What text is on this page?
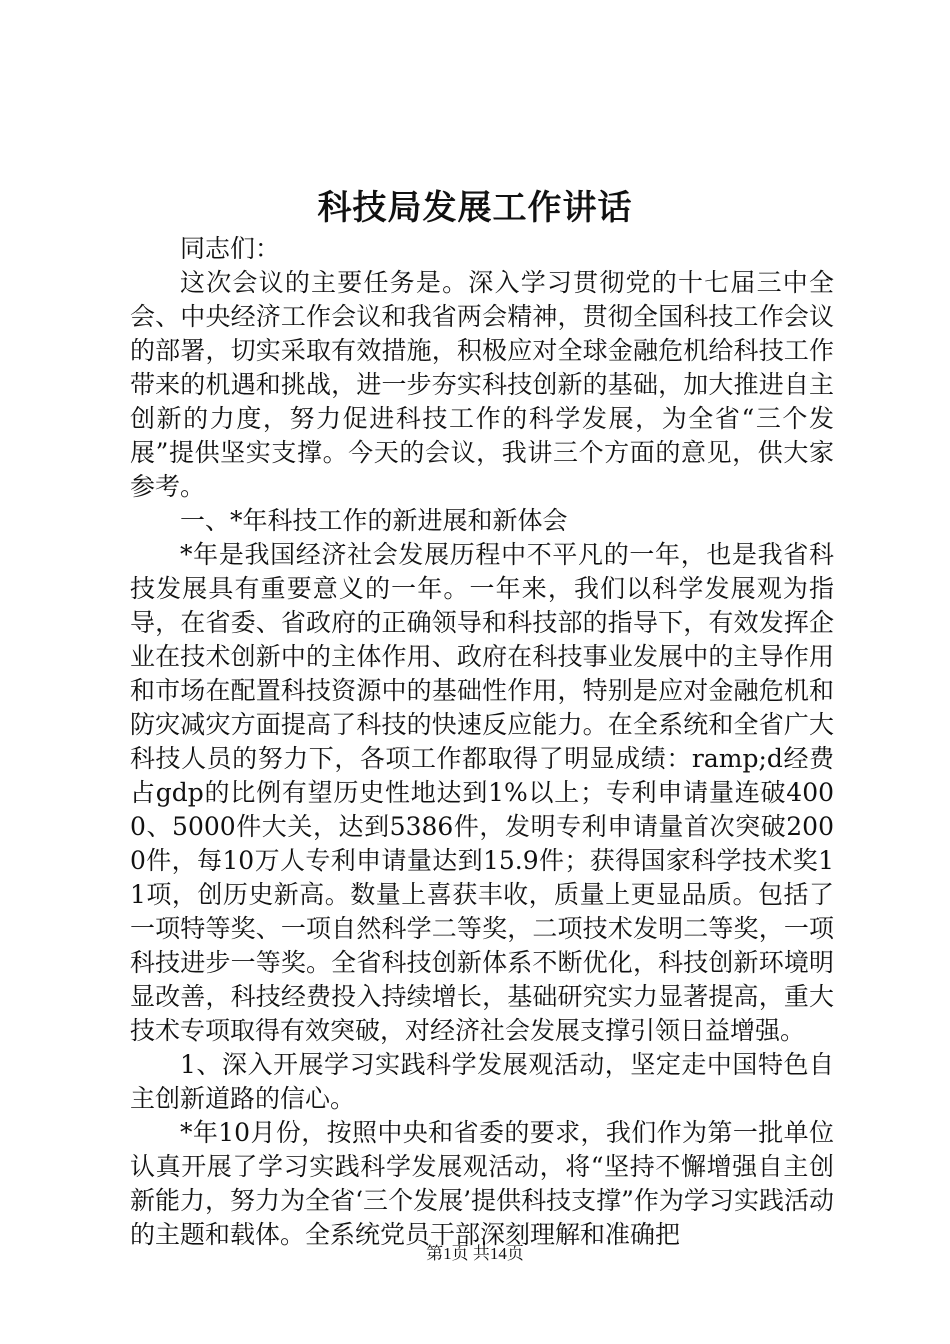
科技局发展工作讲话

同志们：

这次会议的主要任务是。深入学习贯彻党的十七届三中全会、中央经济工作会议和我省两会精神，贯彻全国科技工作会议的部署，切实采取有效措施，积极应对全球金融危机给科技工作带来的机遇和挑战，进一步夯实科技创新的基础，加大推进自主创新的力度，努力促进科技工作的科学发展，为全省“三个发展”提供坚实支撑。今天的会议，我讲三个方面的意见，供大家参考。

一、*年科技工作的新进展和新体会

*年是我国经济社会发展历程中不平凡的一年，也是我省科技发展具有重要意义的一年。一年来，我们以科学发展观为指导，在省委、省政府的正确领导和科技部的指导下，有效发挥企业在技术创新中的主体作用、政府在科技事业发展中的主导作用和市场在配置科技资源中的基础性作用，特别是应对金融危机和防灾减灾方面提高了科技的快速反应能力。在全系统和全省广大科技人员的努力下，各项工作都取得了明显成绩：ramp;d经费占gdp的比例有望历史性地达到1%以上；专利申请量连破4000、5000件大关，达到5386件，发明专利申请量首次突破2000件，每10万人专利申请量达到15.9件；获得国家科学技术奖11项，创历史新高。数量上喜获丰收，质量上更显品质。包括了一项特等奖、一项自然科学二等奖，二项技术发明二等奖，一项科技进步一等奖。全省科技创新体系不断优化，科技创新环境明显改善，科技经费投入持续增长，基础研究实力显著提高，重大技术专项取得有效突破，对经济社会发展支撑引领日益增强。

1、深入开展学习实践科学发展观活动，坚定走中国特色自主创新道路的信心。

*年10月份，按照中央和省委的要求，我们作为第一批单位认真开展了学习实践科学发展观活动，将“坚持不懈增强自主创新能力，努力为全省‘三个发展’提供科技支撑”作为学习实践活动的主题和载体。全系统党员干部深刻理解和准确把

第1页 共14页
